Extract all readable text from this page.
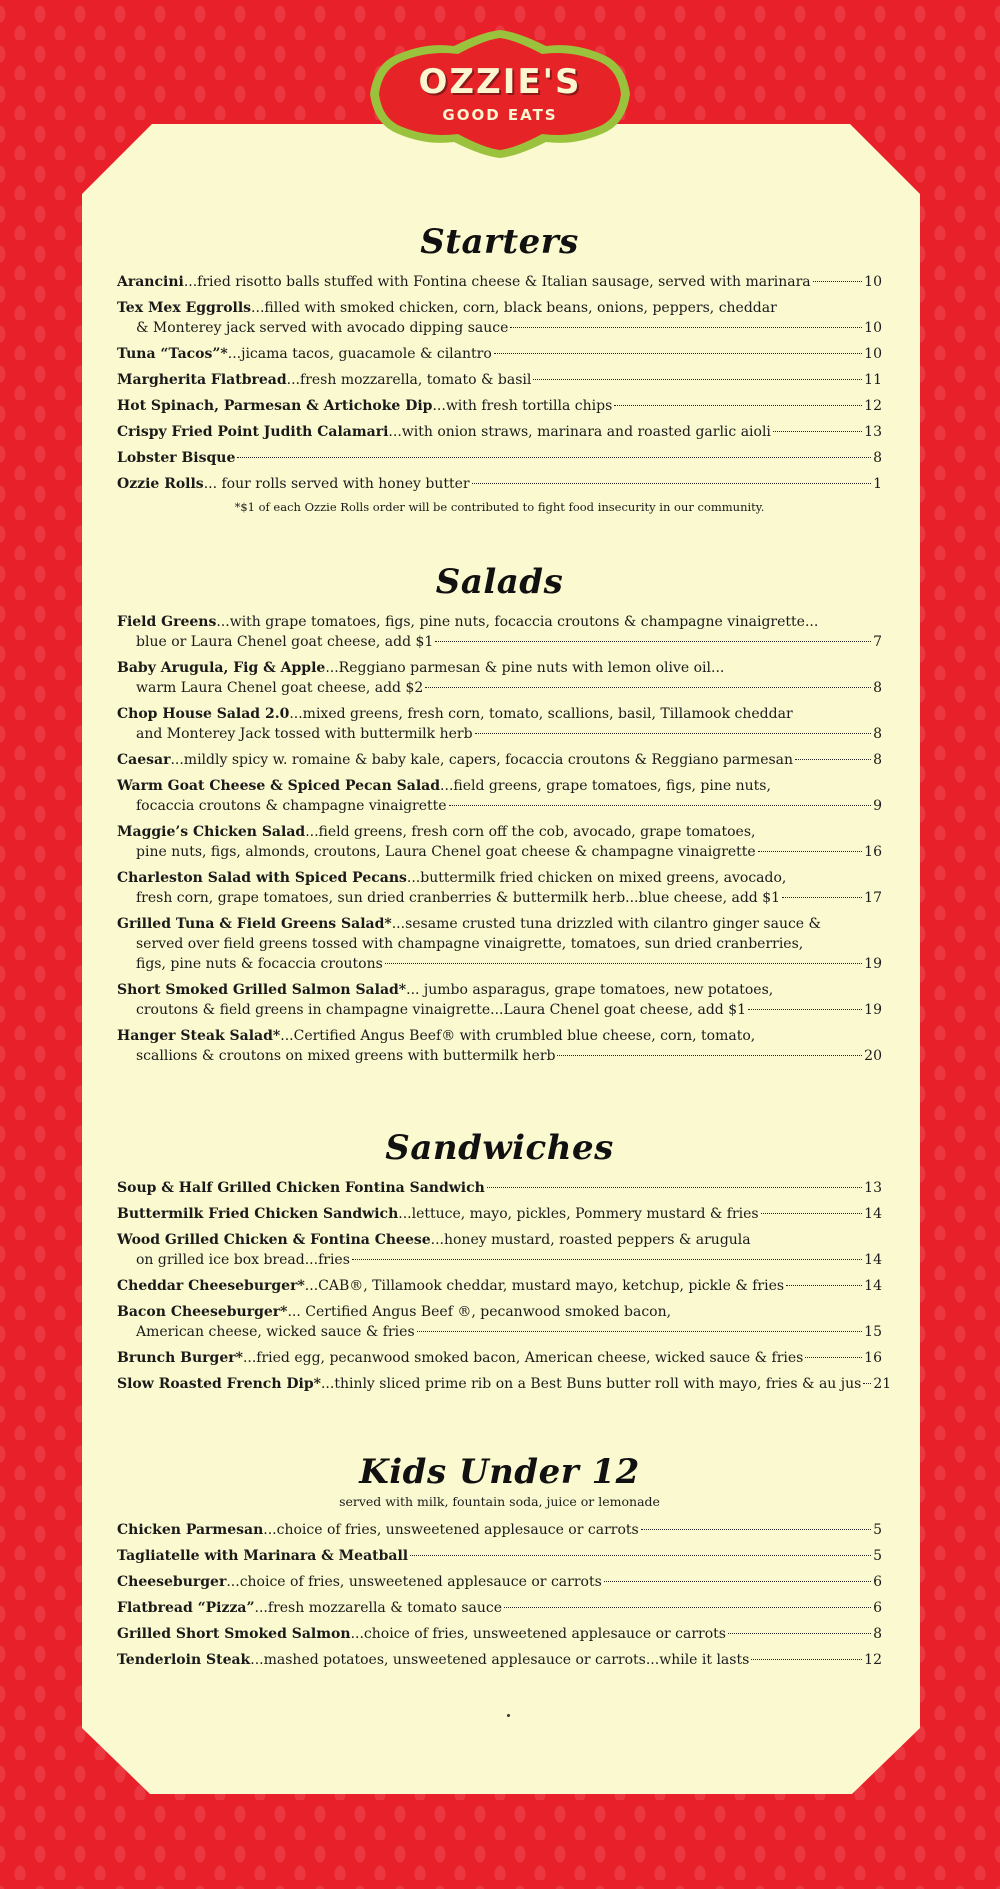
OZZIE'S
GOOD EATS
Starters
Arancini...fried risotto balls stuffed with Fontina cheese & Italian sausage, served with marinara	10
Tex Mex Eggrolls...filled with smoked chicken, corn, black beans, onions, peppers, cheddar
& Monterey jack served with avocado dipping sauce	10
Tuna “Tacos”*...jicama tacos, guacamole & cilantro	10
Margherita Flatbread...fresh mozzarella, tomato & basil	11
Hot Spinach, Parmesan & Artichoke Dip...with fresh tortilla chips	12
Crispy Fried Point Judith Calamari...with onion straws, marinara and roasted garlic aioli	13
Lobster Bisque	8
Ozzie Rolls... four rolls served with honey butter	1
*$1 of each Ozzie Rolls order will be contributed to fight food insecurity in our community.
Salads
Field Greens...with grape tomatoes, figs, pine nuts, focaccia croutons & champagne vinaigrette...
blue or Laura Chenel goat cheese, add $1	7
Baby Arugula, Fig & Apple...Reggiano parmesan & pine nuts with lemon olive oil...
warm Laura Chenel goat cheese, add $2	8
Chop House Salad 2.0...mixed greens, fresh corn, tomato, scallions, basil, Tillamook cheddar
and Monterey Jack tossed with buttermilk herb	8
Caesar...mildly spicy w. romaine & baby kale, capers, focaccia croutons & Reggiano parmesan	8
Warm Goat Cheese & Spiced Pecan Salad...field greens, grape tomatoes, figs, pine nuts,
focaccia croutons & champagne vinaigrette	9
Maggie’s Chicken Salad...field greens, fresh corn off the cob, avocado, grape tomatoes,
pine nuts, figs, almonds, croutons, Laura Chenel goat cheese & champagne vinaigrette	16
Charleston Salad with Spiced Pecans...buttermilk fried chicken on mixed greens, avocado,
fresh corn, grape tomatoes, sun dried cranberries & buttermilk herb...blue cheese, add $1	17
Grilled Tuna & Field Greens Salad*...sesame crusted tuna drizzled with cilantro ginger sauce &
served over field greens tossed with champagne vinaigrette, tomatoes, sun dried cranberries,
figs, pine nuts & focaccia croutons	19
Short Smoked Grilled Salmon Salad*... jumbo asparagus, grape tomatoes, new potatoes,
croutons & field greens in champagne vinaigrette...Laura Chenel goat cheese, add $1	19
Hanger Steak Salad*...Certified Angus Beef® with crumbled blue cheese, corn, tomato,
scallions & croutons on mixed greens with buttermilk herb	20
Sandwiches
Soup & Half Grilled Chicken Fontina Sandwich	13
Buttermilk Fried Chicken Sandwich...lettuce, mayo, pickles, Pommery mustard & fries	14
Wood Grilled Chicken & Fontina Cheese...honey mustard, roasted peppers & arugula
on grilled ice box bread...fries	14
Cheddar Cheeseburger*...CAB®, Tillamook cheddar, mustard mayo, ketchup, pickle & fries	14
Bacon Cheeseburger*... Certified Angus Beef ®, pecanwood smoked bacon,
American cheese, wicked sauce & fries	15
Brunch Burger*...fried egg, pecanwood smoked bacon, American cheese, wicked sauce & fries	16
Slow Roasted French Dip*...thinly sliced prime rib on a Best Buns butter roll with mayo, fries & au jus 21
Kids Under 12
served with milk, fountain soda, juice or lemonade
Chicken Parmesan...choice of fries, unsweetened applesauce or carrots	5
Tagliatelle with Marinara & Meatball	5
Cheeseburger...choice of fries, unsweetened applesauce or carrots	6
Flatbread “Pizza”...fresh mozzarella & tomato sauce	6
Grilled Short Smoked Salmon...choice of fries, unsweetened applesauce or carrots	8
Tenderloin Steak...mashed potatoes, unsweetened applesauce or carrots...while it lasts	12
